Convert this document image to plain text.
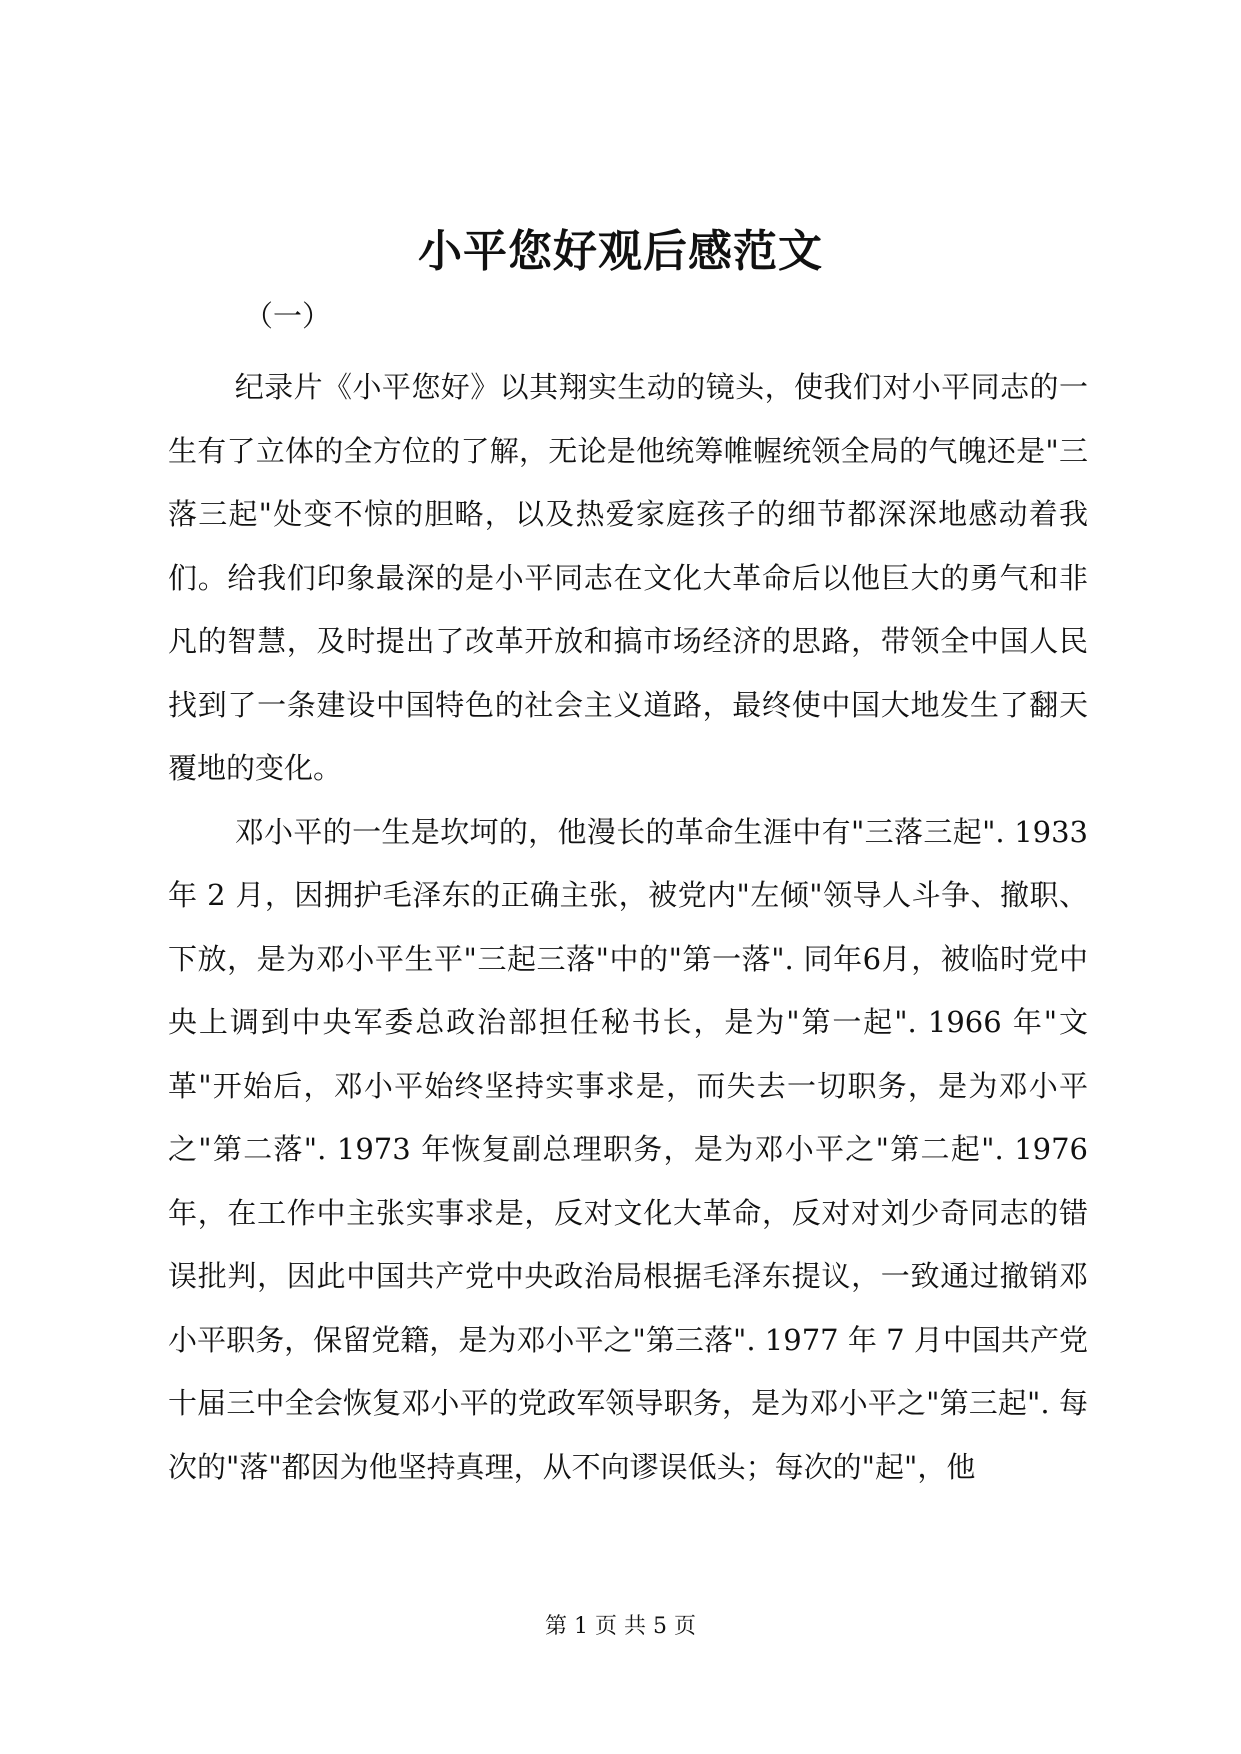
小平您好观后感范文
（一）

纪录片《小平您好》以其翔实生动的镜头，使我们对小平同志的一生有了立体的全方位的了解，无论是他统筹帷幄统领全局的气魄还是"三落三起"处变不惊的胆略，以及热爱家庭孩子的细节都深深地感动着我们。给我们印象最深的是小平同志在文化大革命后以他巨大的勇气和非凡的智慧，及时提出了改革开放和搞市场经济的思路，带领全中国人民找到了一条建设中国特色的社会主义道路，最终使中国大地发生了翻天覆地的变化。

邓小平的一生是坎坷的，他漫长的革命生涯中有"三落三起". 1933 年 2 月，因拥护毛泽东的正确主张，被党内"左倾"领导人斗争、撤职、下放，是为邓小平生平"三起三落"中的"第一落". 同年6月，被临时党中央上调到中央军委总政治部担任秘书长，是为"第一起". 1966 年"文革"开始后，邓小平始终坚持实事求是，而失去一切职务，是为邓小平之"第二落". 1973 年恢复副总理职务，是为邓小平之"第二起". 1976 年，在工作中主张实事求是，反对文化大革命，反对对刘少奇同志的错误批判，因此中国共产党中央政治局根据毛泽东提议，一致通过撤销邓小平职务，保留党籍，是为邓小平之"第三落". 1977 年 7 月中国共产党十届三中全会恢复邓小平的党政军领导职务，是为邓小平之"第三起". 每次的"落"都因为他坚持真理，从不向谬误低头；每次的"起"，他

第 1 页 共 5 页
